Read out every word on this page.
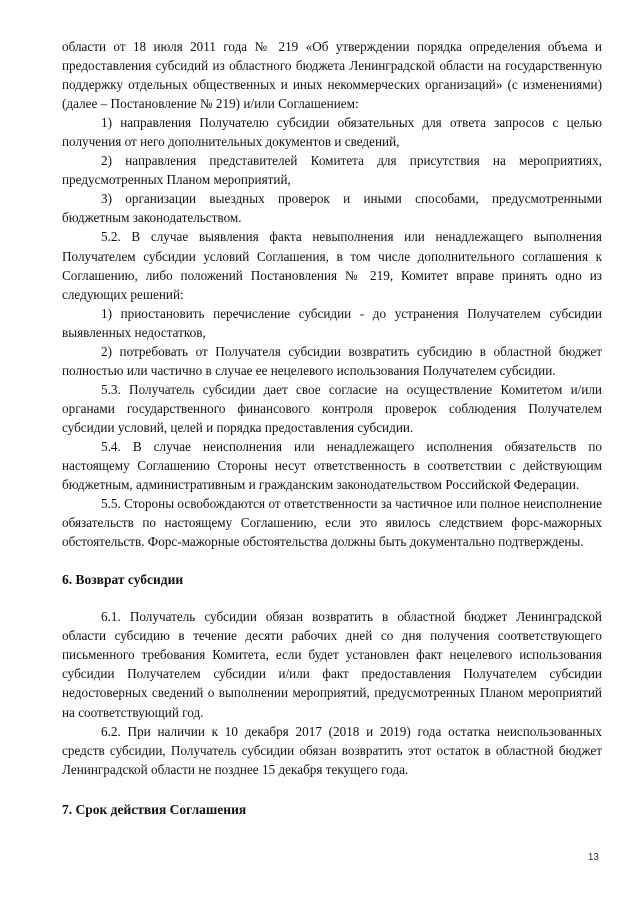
области от 18 июля 2011 года № 219 «Об утверждении порядка определения объема и предоставления субсидий из областного бюджета Ленинградской области на государственную поддержку отдельных общественных и иных некоммерческих организаций» (с изменениями) (далее – Постановление № 219) и/или Соглашением:

1) направления Получателю субсидии обязательных для ответа запросов с целью получения от него дополнительных документов и сведений,

2) направления представителей Комитета для присутствия на мероприятиях, предусмотренных Планом мероприятий,

3) организации выездных проверок и иными способами, предусмотренными бюджетным законодательством.

5.2. В случае выявления факта невыполнения или ненадлежащего выполнения Получателем субсидии условий Соглашения, в том числе дополнительного соглашения к Соглашению, либо положений Постановления № 219, Комитет вправе принять одно из следующих решений:

1) приостановить перечисление субсидии - до устранения Получателем субсидии выявленных недостатков,

2) потребовать от Получателя субсидии возвратить субсидию в областной бюджет полностью или частично в случае ее нецелевого использования Получателем субсидии.

5.3. Получатель субсидии дает свое согласие на осуществление Комитетом и/или органами государственного финансового контроля проверок соблюдения Получателем субсидии условий, целей и порядка предоставления субсидии.

5.4. В случае неисполнения или ненадлежащего исполнения обязательств по настоящему Соглашению Стороны несут ответственность в соответствии с действующим бюджетным, административным и гражданским законодательством Российской Федерации.

5.5. Стороны освобождаются от ответственности за частичное или полное неисполнение обязательств по настоящему Соглашению, если это явилось следствием форс-мажорных обстоятельств. Форс-мажорные обстоятельства должны быть документально подтверждены.

6. Возврат субсидии

6.1. Получатель субсидии обязан возвратить в областной бюджет Ленинградской области субсидию в течение десяти рабочих дней со дня получения соответствующего письменного требования Комитета, если будет установлен факт нецелевого использования субсидии Получателем субсидии и/или факт предоставления Получателем субсидии недостоверных сведений о выполнении мероприятий, предусмотренных Планом мероприятий на соответствующий год.

6.2. При наличии к 10 декабря 2017 (2018 и 2019) года остатка неиспользованных средств субсидии, Получатель субсидии обязан возвратить этот остаток в областной бюджет Ленинградской области не позднее 15 декабря текущего года.

7. Срок действия Соглашения

13
